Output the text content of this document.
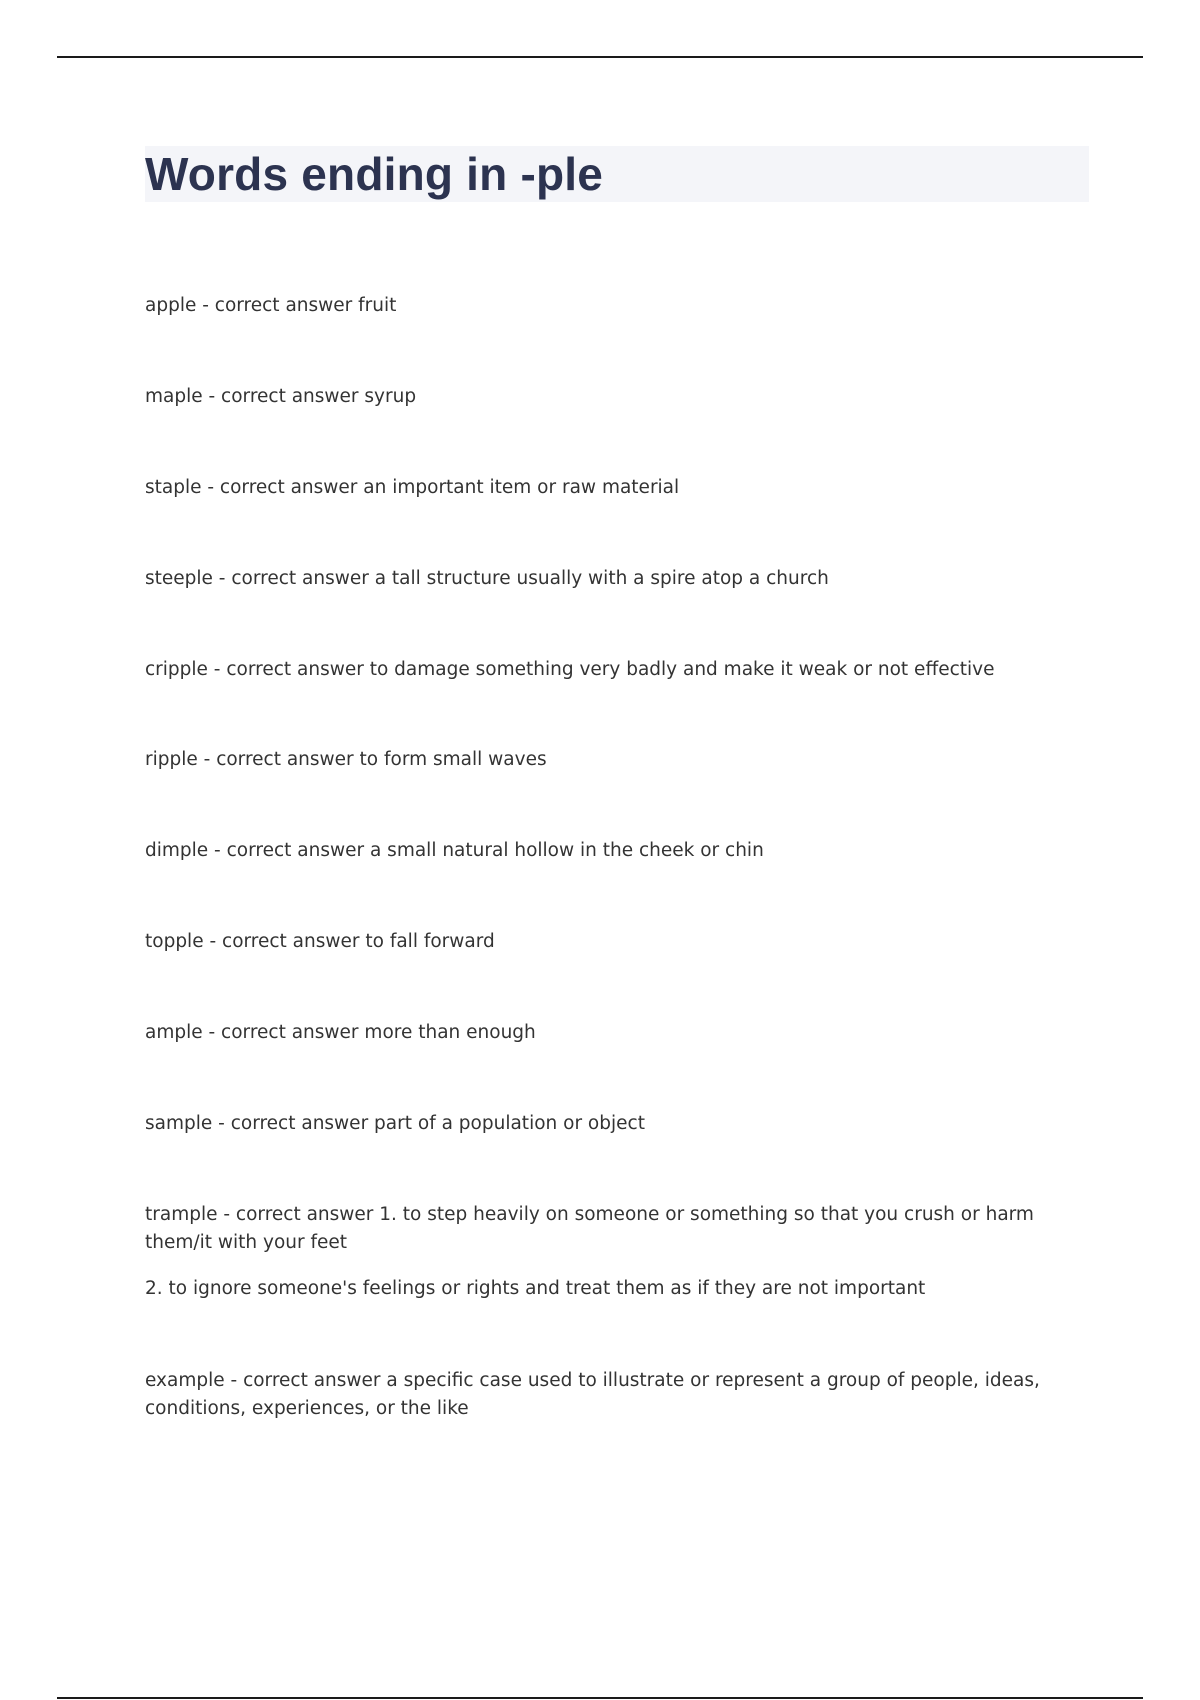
Words ending in -ple

apple - correct answer fruit

maple - correct answer syrup

staple - correct answer an important item or raw material

steeple - correct answer a tall structure usually with a spire atop a church

cripple - correct answer to damage something very badly and make it weak or not effective

ripple - correct answer to form small waves

dimple - correct answer a small natural hollow in the cheek or chin

topple - correct answer to fall forward

ample - correct answer more than enough

sample - correct answer part of a population or object

trample - correct answer 1. to step heavily on someone or something so that you crush or harm them/it with your feet

2. to ignore someone's feelings or rights and treat them as if they are not important

example - correct answer a specific case used to illustrate or represent a group of people, ideas, conditions, experiences, or the like
